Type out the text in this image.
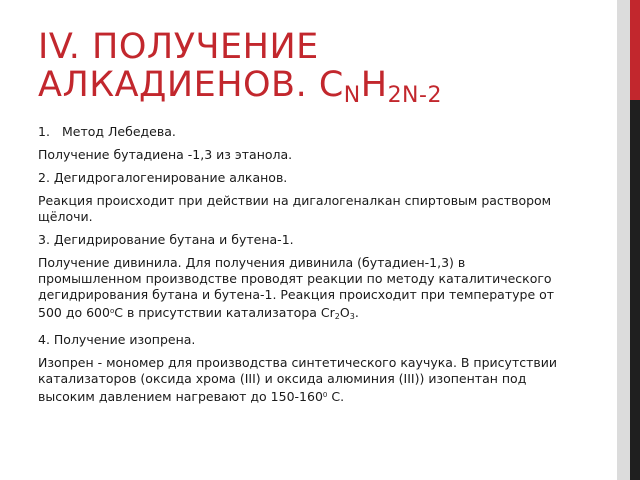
IV. ПОЛУЧЕНИЕ АЛКАДИЕНОВ. $С_NH_{2N-2}$

1. Метод Лебедева.

Получение бутадиена -1,3 из этанола.

2. Дегидрогалогенирование алканов.

Реакция происходит при действии на дигалогеналкан спиртовым раствором щёлочи.

3. Дегидрирование бутана и бутена-1.

Получение дивинила. Для получения дивинила (бутадиен-1,3) в промышленном производстве проводят реакции по методу каталитического дегидрирования бутана и бутена-1. Реакция происходит при температуре от 500 до $600^оС$ в присутствии катализатора $Cr_2O_3$.

4. Получение изопрена.

Изопрен - мономер для производства синтетического каучука. В присутствии катализаторов (оксида хрома (III) и оксида алюминия (III)) изопентан под высоким давлением нагревают до $150-160^0$ С.
